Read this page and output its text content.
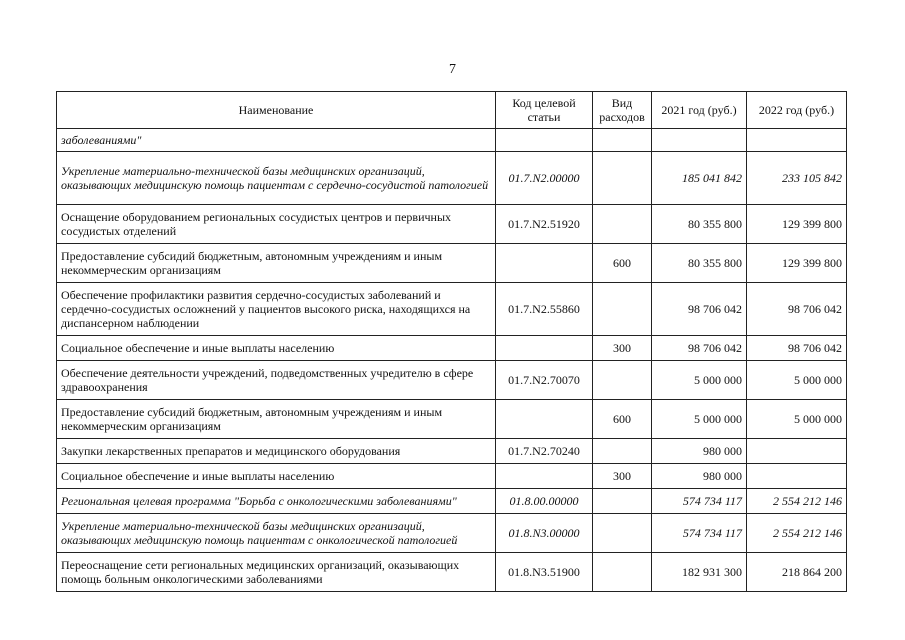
7
Наименование	Код целевой статьи	Вид расходов	2021 год (руб.)	2022 год (руб.)
заболеваниями"				
Укрепление материально-технической базы медицинских организаций, оказывающих медицинскую помощь пациентам с сердечно-сосудистой патологией	01.7.N2.00000		185 041 842	233 105 842
Оснащение оборудованием региональных сосудистых центров и первичных сосудистых отделений	01.7.N2.51920		80 355 800	129 399 800
Предоставление субсидий бюджетным, автономным учреждениям и иным некоммерческим организациям		600	80 355 800	129 399 800
Обеспечение профилактики развития сердечно-сосудистых заболеваний и сердечно-сосудистых осложнений у пациентов высокого риска, находящихся на диспансерном наблюдении	01.7.N2.55860		98 706 042	98 706 042
Социальное обеспечение и иные выплаты населению		300	98 706 042	98 706 042
Обеспечение деятельности учреждений, подведомственных учредителю в сфере здравоохранения	01.7.N2.70070		5 000 000	5 000 000
Предоставление субсидий бюджетным, автономным учреждениям и иным некоммерческим организациям		600	5 000 000	5 000 000
Закупки лекарственных препаратов и медицинского оборудования	01.7.N2.70240		980 000	
Социальное обеспечение и иные выплаты населению		300	980 000	
Региональная целевая программа "Борьба с онкологическими заболеваниями"	01.8.00.00000		574 734 117	2 554 212 146
Укрепление материально-технической базы медицинских организаций, оказывающих медицинскую помощь пациентам с онкологической патологией	01.8.N3.00000		574 734 117	2 554 212 146
Переоснащение сети региональных медицинских организаций, оказывающих помощь больным онкологическими заболеваниями	01.8.N3.51900		182 931 300	218 864 200
